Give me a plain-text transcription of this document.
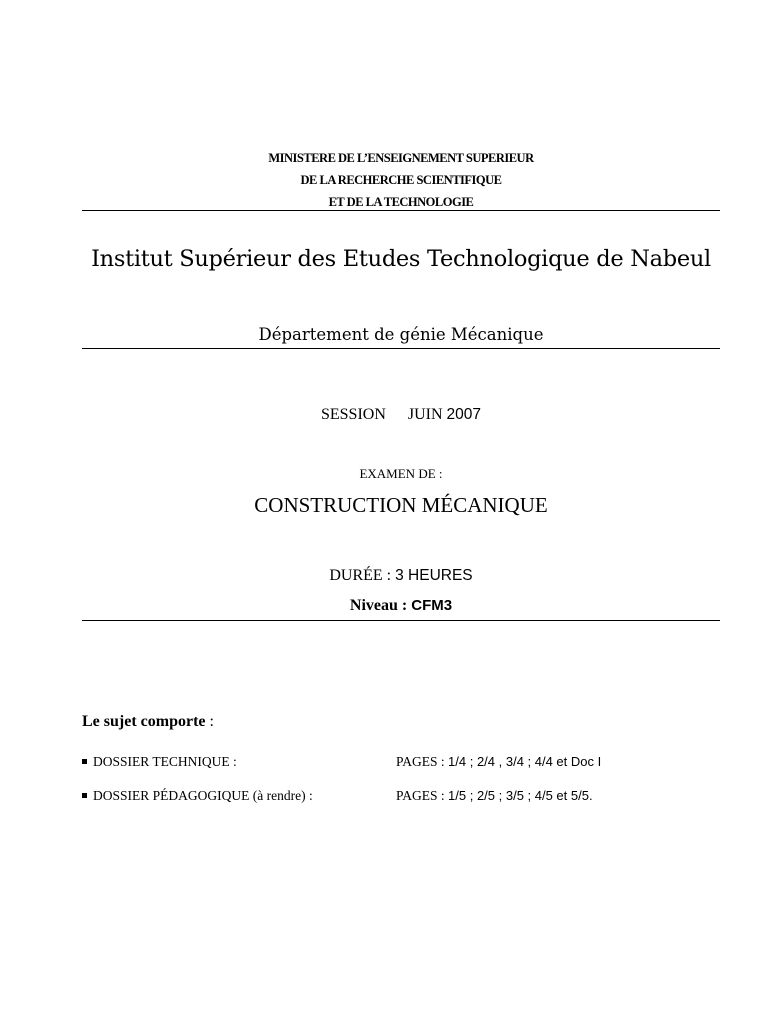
MINISTERE DE L’ENSEIGNEMENT SUPERIEUR
DE LA RECHERCHE SCIENTIFIQUE
ET DE LA TECHNOLOGIE
Institut Supérieur des Etudes Technologique de Nabeul
Département de génie Mécanique
SESSION JUIN 2007
EXAMEN DE :
CONSTRUCTION MÉCANIQUE
DURÉE : 3 HEURES
Niveau : CFM3
Le sujet comporte :
DOSSIER TECHNIQUE :	PAGES : 1/4 ; 2/4 , 3/4 ; 4/4 et Doc I
DOSSIER PÉDAGOGIQUE (à rendre) :	PAGES : 1/5 ; 2/5 ; 3/5 ; 4/5 et 5/5.
